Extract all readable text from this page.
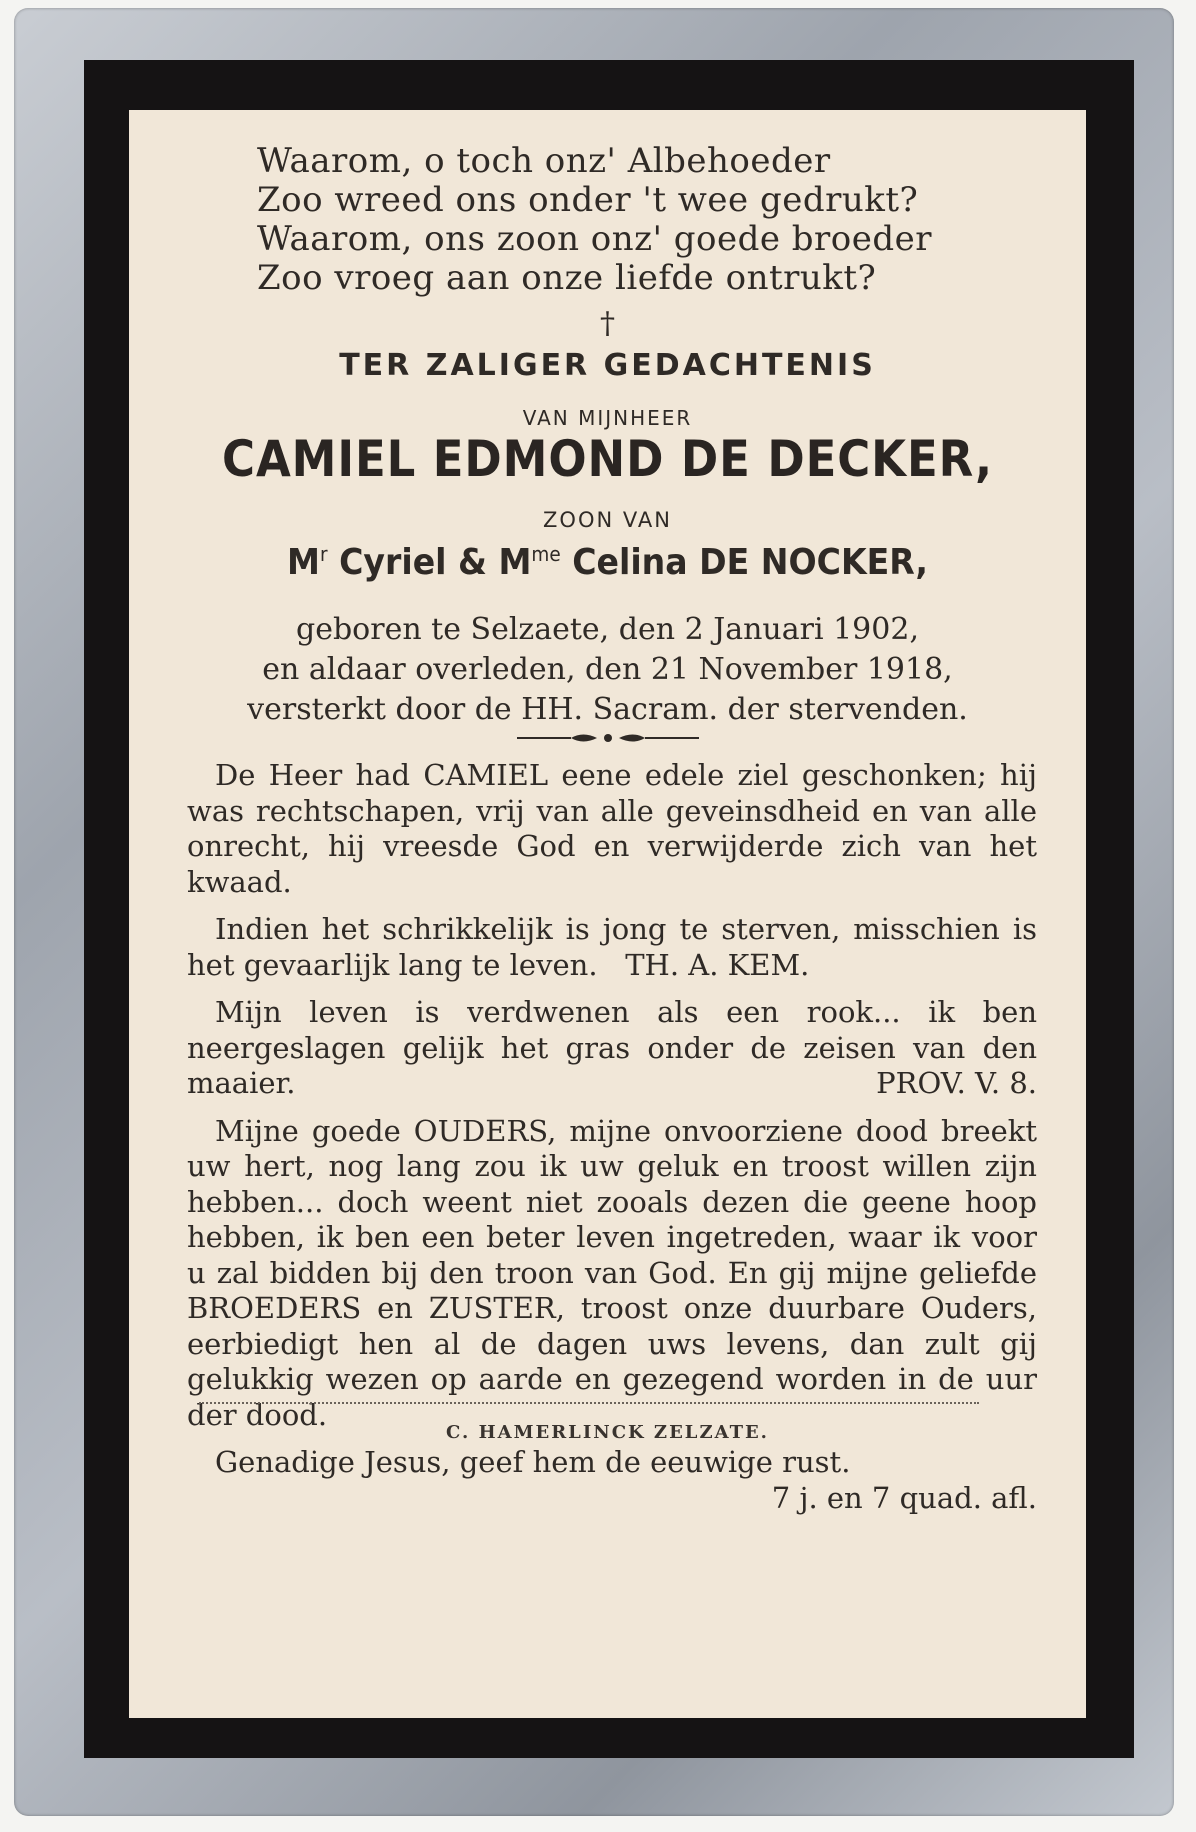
Waarom, o toch onz' Albehoeder
Zoo wreed ons onder 't wee gedrukt?
Waarom, ons zoon onz' goede broeder
Zoo vroeg aan onze liefde ontrukt?
†
TER ZALIGER GEDACHTENIS
VAN MIJNHEER
CAMIEL EDMOND DE DECKER,
ZOON VAN
$M^r$ Cyriel & $M^{me}$ Celina DE NOCKER,
geboren te Selzaete, den 2 Januari 1902,
en aldaar overleden, den 21 November 1918,
versterkt door de HH. Sacram. der stervenden.

De Heer had CAMIEL eene edele ziel geschonken; hij was rechtschapen, vrij van alle geveinsdheid en van alle onrecht, hij vreesde God en verwijderde zich van het kwaad.

Indien het schrikkelijk is jong te sterven, misschien is het gevaarlijk lang te leven. TH. A. KEM.

Mijn leven is verdwenen als een rook... ik ben neergeslagen gelijk het gras onder de zeisen van den maaier.	PROV. V. 8.

Mijne goede OUDERS, mijne onvoorziene dood breekt uw hert, nog lang zou ik uw geluk en troost willen zijn hebben... doch weent niet zooals dezen die geene hoop hebben, ik ben een beter leven ingetreden, waar ik voor u zal bidden bij den troon van God. En gij mijne geliefde BROEDERS en ZUSTER, troost onze duurbare Ouders, eerbiedigt hen al de dagen uws levens, dan zult gij gelukkig wezen op aarde en gezegend worden in de uur der dood.

Genadige Jesus, geef hem de eeuwige rust.
7 j. en 7 quad. afl.
C. HAMERLINCK ZELZATE.
